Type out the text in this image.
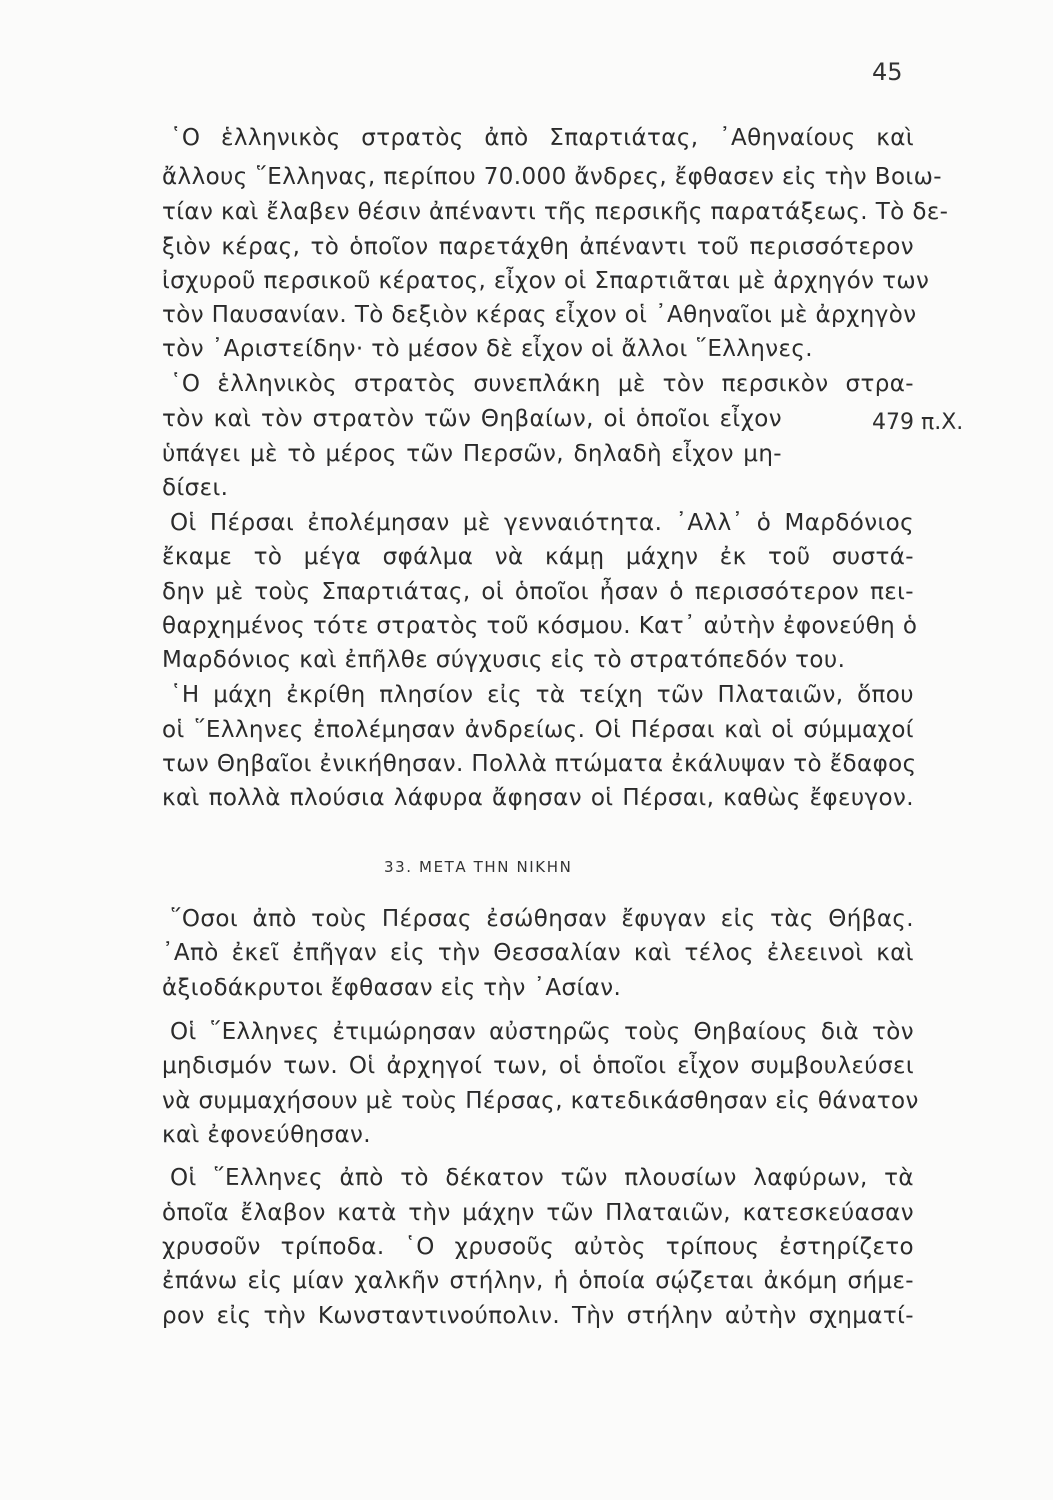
45
῾Ο ἑλληνικὸς στρατὸς ἀπὸ Σπαρτιάτας, ᾿Αθηναίους καὶ
ἄλλους ῞Ελληνας, περίπου 70.000 ἄνδρες, ἔφθασεν εἰς τὴν Βοιω-
τίαν καὶ ἔλαβεν θέσιν ἀπέναντι τῆς περσικῆς παρατάξεως. Τὸ δε-
ξιὸν κέρας, τὸ ὁποῖον παρετάχθη ἀπέναντι τοῦ περισσότερον
ἰσχυροῦ περσικοῦ κέρατος, εἶχον οἱ Σπαρτιᾶται μὲ ἀρχηγόν των
τὸν Παυσανίαν. Τὸ δεξιὸν κέρας εἶχον οἱ ᾿Αθηναῖοι μὲ ἀρχηγὸν
τὸν ᾿Αριστείδην· τὸ μέσον δὲ εἶχον οἱ ἄλλοι ῞Ελληνες.
῾Ο ἑλληνικὸς στρατὸς συνεπλάκη μὲ τὸν περσικὸν στρα-
τὸν καὶ τὸν στρατὸν τῶν Θηβαίων, οἱ ὁποῖοι εἶχον
ὑπάγει μὲ τὸ μέρος τῶν Περσῶν, δηλαδὴ εἶχον μη-
δίσει.
Οἱ Πέρσαι ἐπολέμησαν μὲ γενναιότητα. ᾿Αλλ᾿ ὁ Μαρδόνιος
ἔκαμε τὸ μέγα σφάλμα νὰ κάμῃ μάχην ἐκ τοῦ συστά-
δην μὲ τοὺς Σπαρτιάτας, οἱ ὁποῖοι ἦσαν ὁ περισσότερον πει-
θαρχημένος τότε στρατὸς τοῦ κόσμου. Κατ᾿ αὐτὴν ἐφονεύθη ὁ
Μαρδόνιος καὶ ἐπῆλθε σύγχυσις εἰς τὸ στρατόπεδόν του.
῾Η μάχη ἐκρίθη πλησίον εἰς τὰ τείχη τῶν Πλαταιῶν, ὅπου
οἱ ῞Ελληνες ἐπολέμησαν ἀνδρείως. Οἱ Πέρσαι καὶ οἱ σύμμαχοί
των Θηβαῖοι ἐνικήθησαν. Πολλὰ πτώματα ἐκάλυψαν τὸ ἔδαφος
καὶ πολλὰ πλούσια λάφυρα ἄφησαν οἱ Πέρσαι, καθὼς ἔφευγον.
479 π.Χ.
33. ΜΕΤΑ ΤΗΝ ΝΙΚΗΝ
῞Οσοι ἀπὸ τοὺς Πέρσας ἐσώθησαν ἔφυγαν εἰς τὰς Θήβας.
᾿Απὸ ἐκεῖ ἐπῆγαν εἰς τὴν Θεσσαλίαν καὶ τέλος ἐλεεινοὶ καὶ
ἀξιοδάκρυτοι ἔφθασαν εἰς τὴν ᾿Ασίαν.
Οἱ ῞Ελληνες ἐτιμώρησαν αὐστηρῶς τοὺς Θηβαίους διὰ τὸν
μηδισμόν των. Οἱ ἀρχηγοί των, οἱ ὁποῖοι εἶχον συμβουλεύσει
νὰ συμμαχήσουν μὲ τοὺς Πέρσας, κατεδικάσθησαν εἰς θάνατον
καὶ ἐφονεύθησαν.
Οἱ ῞Ελληνες ἀπὸ τὸ δέκατον τῶν πλουσίων λαφύρων, τὰ
ὁποῖα ἔλαβον κατὰ τὴν μάχην τῶν Πλαταιῶν, κατεσκεύασαν
χρυσοῦν τρίποδα. ῾Ο χρυσοῦς αὐτὸς τρίπους ἐστηρίζετο
ἐπάνω εἰς μίαν χαλκῆν στήλην, ἡ ὁποία σῴζεται ἀκόμη σήμε-
ρον εἰς τὴν Κωνσταντινούπολιν. Τὴν στήλην αὐτὴν σχηματί-
